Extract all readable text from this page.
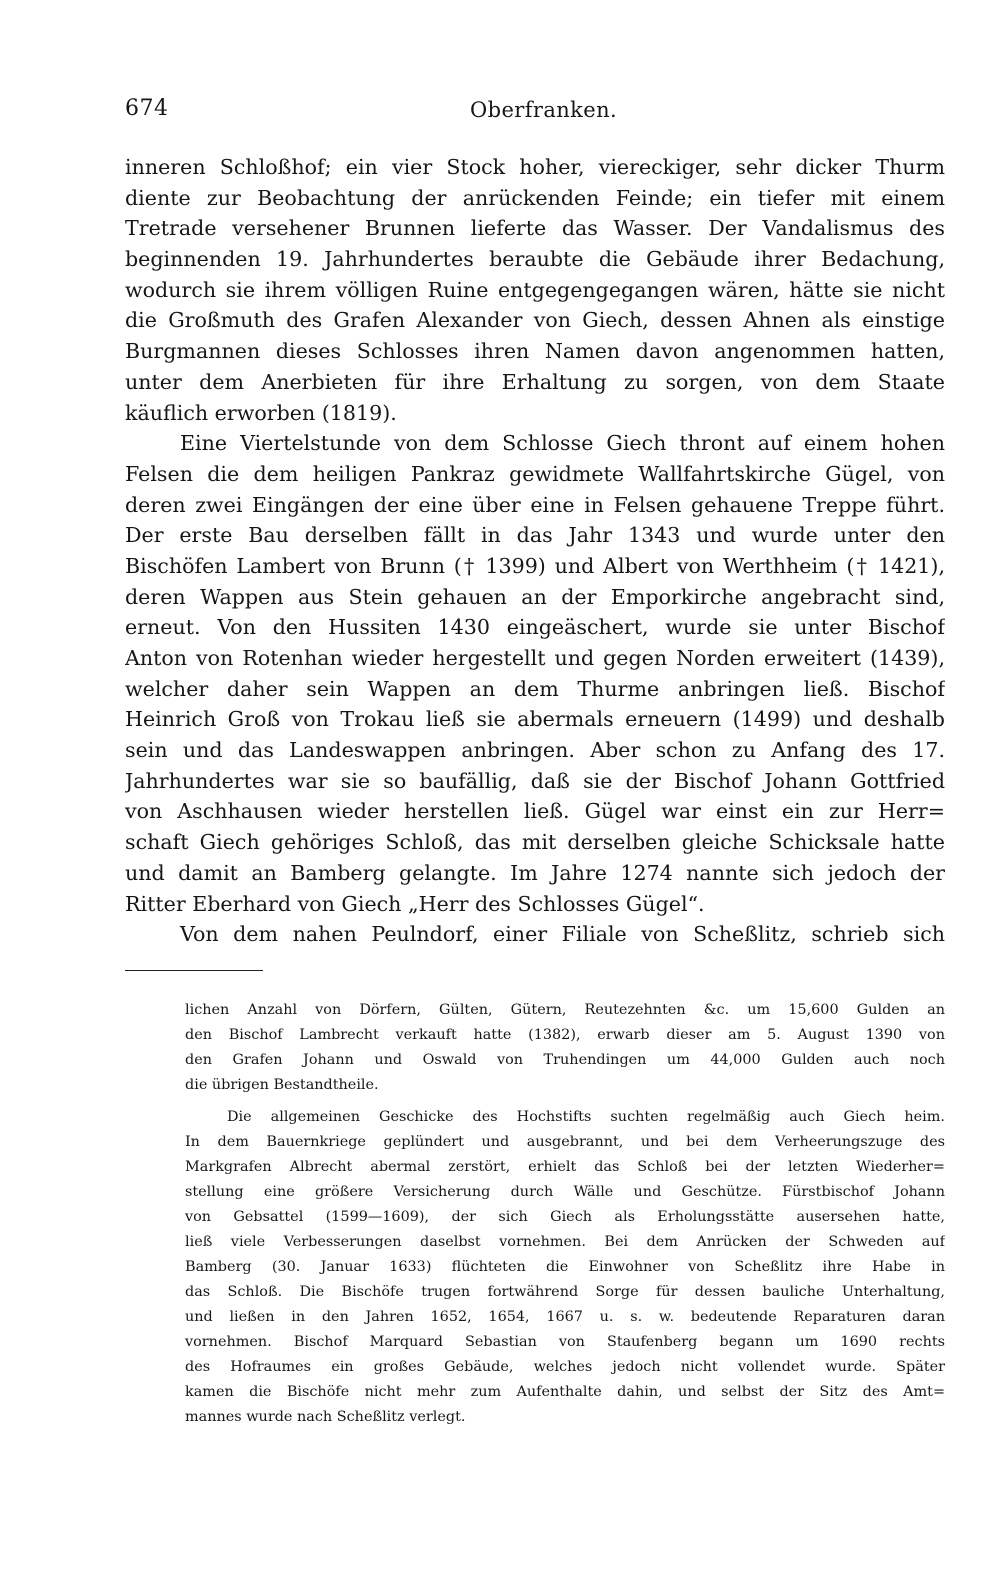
674	Oberfranken.
inneren Schloßhof; ein vier Stock hoher, viereckiger, sehr dicker Thurm
diente zur Beobachtung der anrückenden Feinde; ein tiefer mit einem
Tretrade versehener Brunnen lieferte das Wasser. Der Vandalismus des
beginnenden 19. Jahrhundertes beraubte die Gebäude ihrer Bedachung,
wodurch sie ihrem völligen Ruine entgegengegangen wären, hätte sie nicht
die Großmuth des Grafen Alexander von Giech, dessen Ahnen als einstige
Burgmannen dieses Schlosses ihren Namen davon angenommen hatten,
unter dem Anerbieten für ihre Erhaltung zu sorgen, von dem Staate
käuflich erworben (1819).
Eine Viertelstunde von dem Schlosse Giech thront auf einem hohen
Felsen die dem heiligen Pankraz gewidmete Wallfahrtskirche Gügel, von
deren zwei Eingängen der eine über eine in Felsen gehauene Treppe führt.
Der erste Bau derselben fällt in das Jahr 1343 und wurde unter den
Bischöfen Lambert von Brunn († 1399) und Albert von Werthheim († 1421),
deren Wappen aus Stein gehauen an der Emporkirche angebracht sind,
erneut. Von den Hussiten 1430 eingeäschert, wurde sie unter Bischof
Anton von Rotenhan wieder hergestellt und gegen Norden erweitert (1439),
welcher daher sein Wappen an dem Thurme anbringen ließ. Bischof
Heinrich Groß von Trokau ließ sie abermals erneuern (1499) und deshalb
sein und das Landeswappen anbringen. Aber schon zu Anfang des 17.
Jahrhundertes war sie so baufällig, daß sie der Bischof Johann Gottfried
von Aschhausen wieder herstellen ließ. Gügel war einst ein zur Herr=
schaft Giech gehöriges Schloß, das mit derselben gleiche Schicksale hatte
und damit an Bamberg gelangte. Im Jahre 1274 nannte sich jedoch der
Ritter Eberhard von Giech „Herr des Schlosses Gügel“.
Von dem nahen Peulndorf, einer Filiale von Scheßlitz, schrieb sich
lichen Anzahl von Dörfern, Gülten, Gütern, Reutezehnten &c. um 15,600 Gulden an
den Bischof Lambrecht verkauft hatte (1382), erwarb dieser am 5. August 1390 von
den Grafen Johann und Oswald von Truhendingen um 44,000 Gulden auch noch
die übrigen Bestandtheile.
Die allgemeinen Geschicke des Hochstifts suchten regelmäßig auch Giech heim.
In dem Bauernkriege geplündert und ausgebrannt, und bei dem Verheerungszuge des
Markgrafen Albrecht abermal zerstört, erhielt das Schloß bei der letzten Wiederher=
stellung eine größere Versicherung durch Wälle und Geschütze. Fürstbischof Johann
von Gebsattel (1599—1609), der sich Giech als Erholungsstätte ausersehen hatte,
ließ viele Verbesserungen daselbst vornehmen. Bei dem Anrücken der Schweden auf
Bamberg (30. Januar 1633) flüchteten die Einwohner von Scheßlitz ihre Habe in
das Schloß. Die Bischöfe trugen fortwährend Sorge für dessen bauliche Unterhaltung,
und ließen in den Jahren 1652, 1654, 1667 u. s. w. bedeutende Reparaturen daran
vornehmen. Bischof Marquard Sebastian von Staufenberg begann um 1690 rechts
des Hofraumes ein großes Gebäude, welches jedoch nicht vollendet wurde. Später
kamen die Bischöfe nicht mehr zum Aufenthalte dahin, und selbst der Sitz des Amt=
mannes wurde nach Scheßlitz verlegt.
